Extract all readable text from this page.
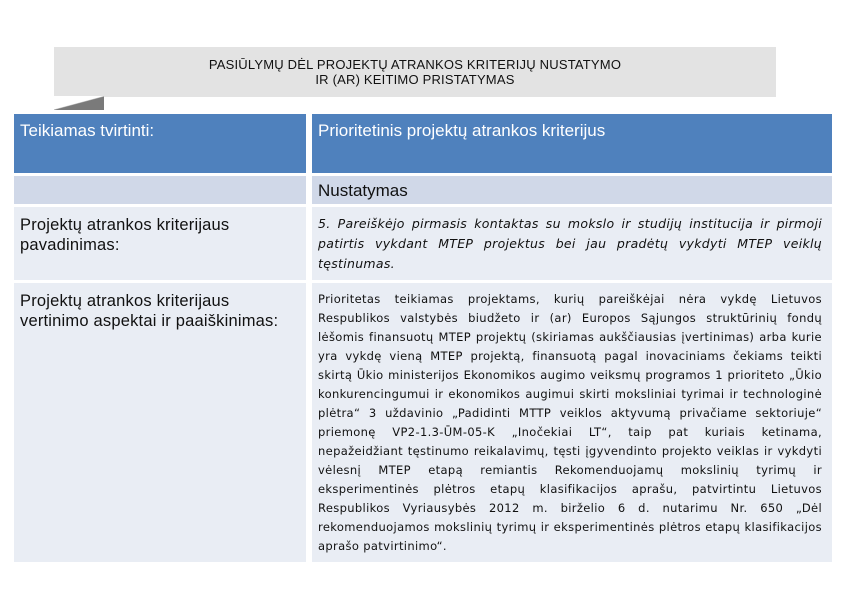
PASIŪLYMŲ DĖL PROJEKTŲ ATRANKOS KRITERIJŲ NUSTATYMO
IR (AR) KEITIMO PRISTATYMAS
Teikiamas tvirtinti:	Prioritetinis projektų atrankos kriterijus

	Nustatymas

Projektų atrankos kriterijaus pavadinimas:	5. Pareiškėjo pirmasis kontaktas su mokslo ir studijų institucija ir pirmoji patirtis vykdant MTEP projektus bei jau pradėtų vykdyti MTEP veiklų tęstinumas.

Projektų atrankos kriterijaus vertinimo aspektai ir paaiškinimas:	Prioritetas teikiamas projektams, kurių pareiškėjai nėra vykdę Lietuvos Respublikos valstybės biudžeto ir (ar) Europos Sąjungos struktūrinių fondų lėšomis finansuotų MTEP projektų (skiriamas aukščiausias įvertinimas) arba kurie yra vykdę vieną MTEP projektą, finansuotą pagal inovaciniams čekiams teikti skirtą Ūkio ministerijos Ekonomikos augimo veiksmų programos 1 prioriteto „Ūkio konkurencingumui ir ekonomikos augimui skirti moksliniai tyrimai ir technologinė plėtra“ 3 uždavinio „Padidinti MTTP veiklos aktyvumą privačiame sektoriuje“ priemonę VP2-1.3-ŪM-05-K „Inočekiai LT“, taip pat kuriais ketinama, nepažeidžiant tęstinumo reikalavimų, tęsti įgyvendinto projekto veiklas ir vykdyti vėlesnį MTEP etapą remiantis Rekomenduojamų mokslinių tyrimų ir eksperimentinės plėtros etapų klasifikacijos aprašu, patvirtintu Lietuvos Respublikos Vyriausybės 2012 m. birželio 6 d. nutarimu Nr. 650 „Dėl rekomenduojamos mokslinių tyrimų ir eksperimentinės plėtros etapų klasifikacijos aprašo patvirtinimo“.
